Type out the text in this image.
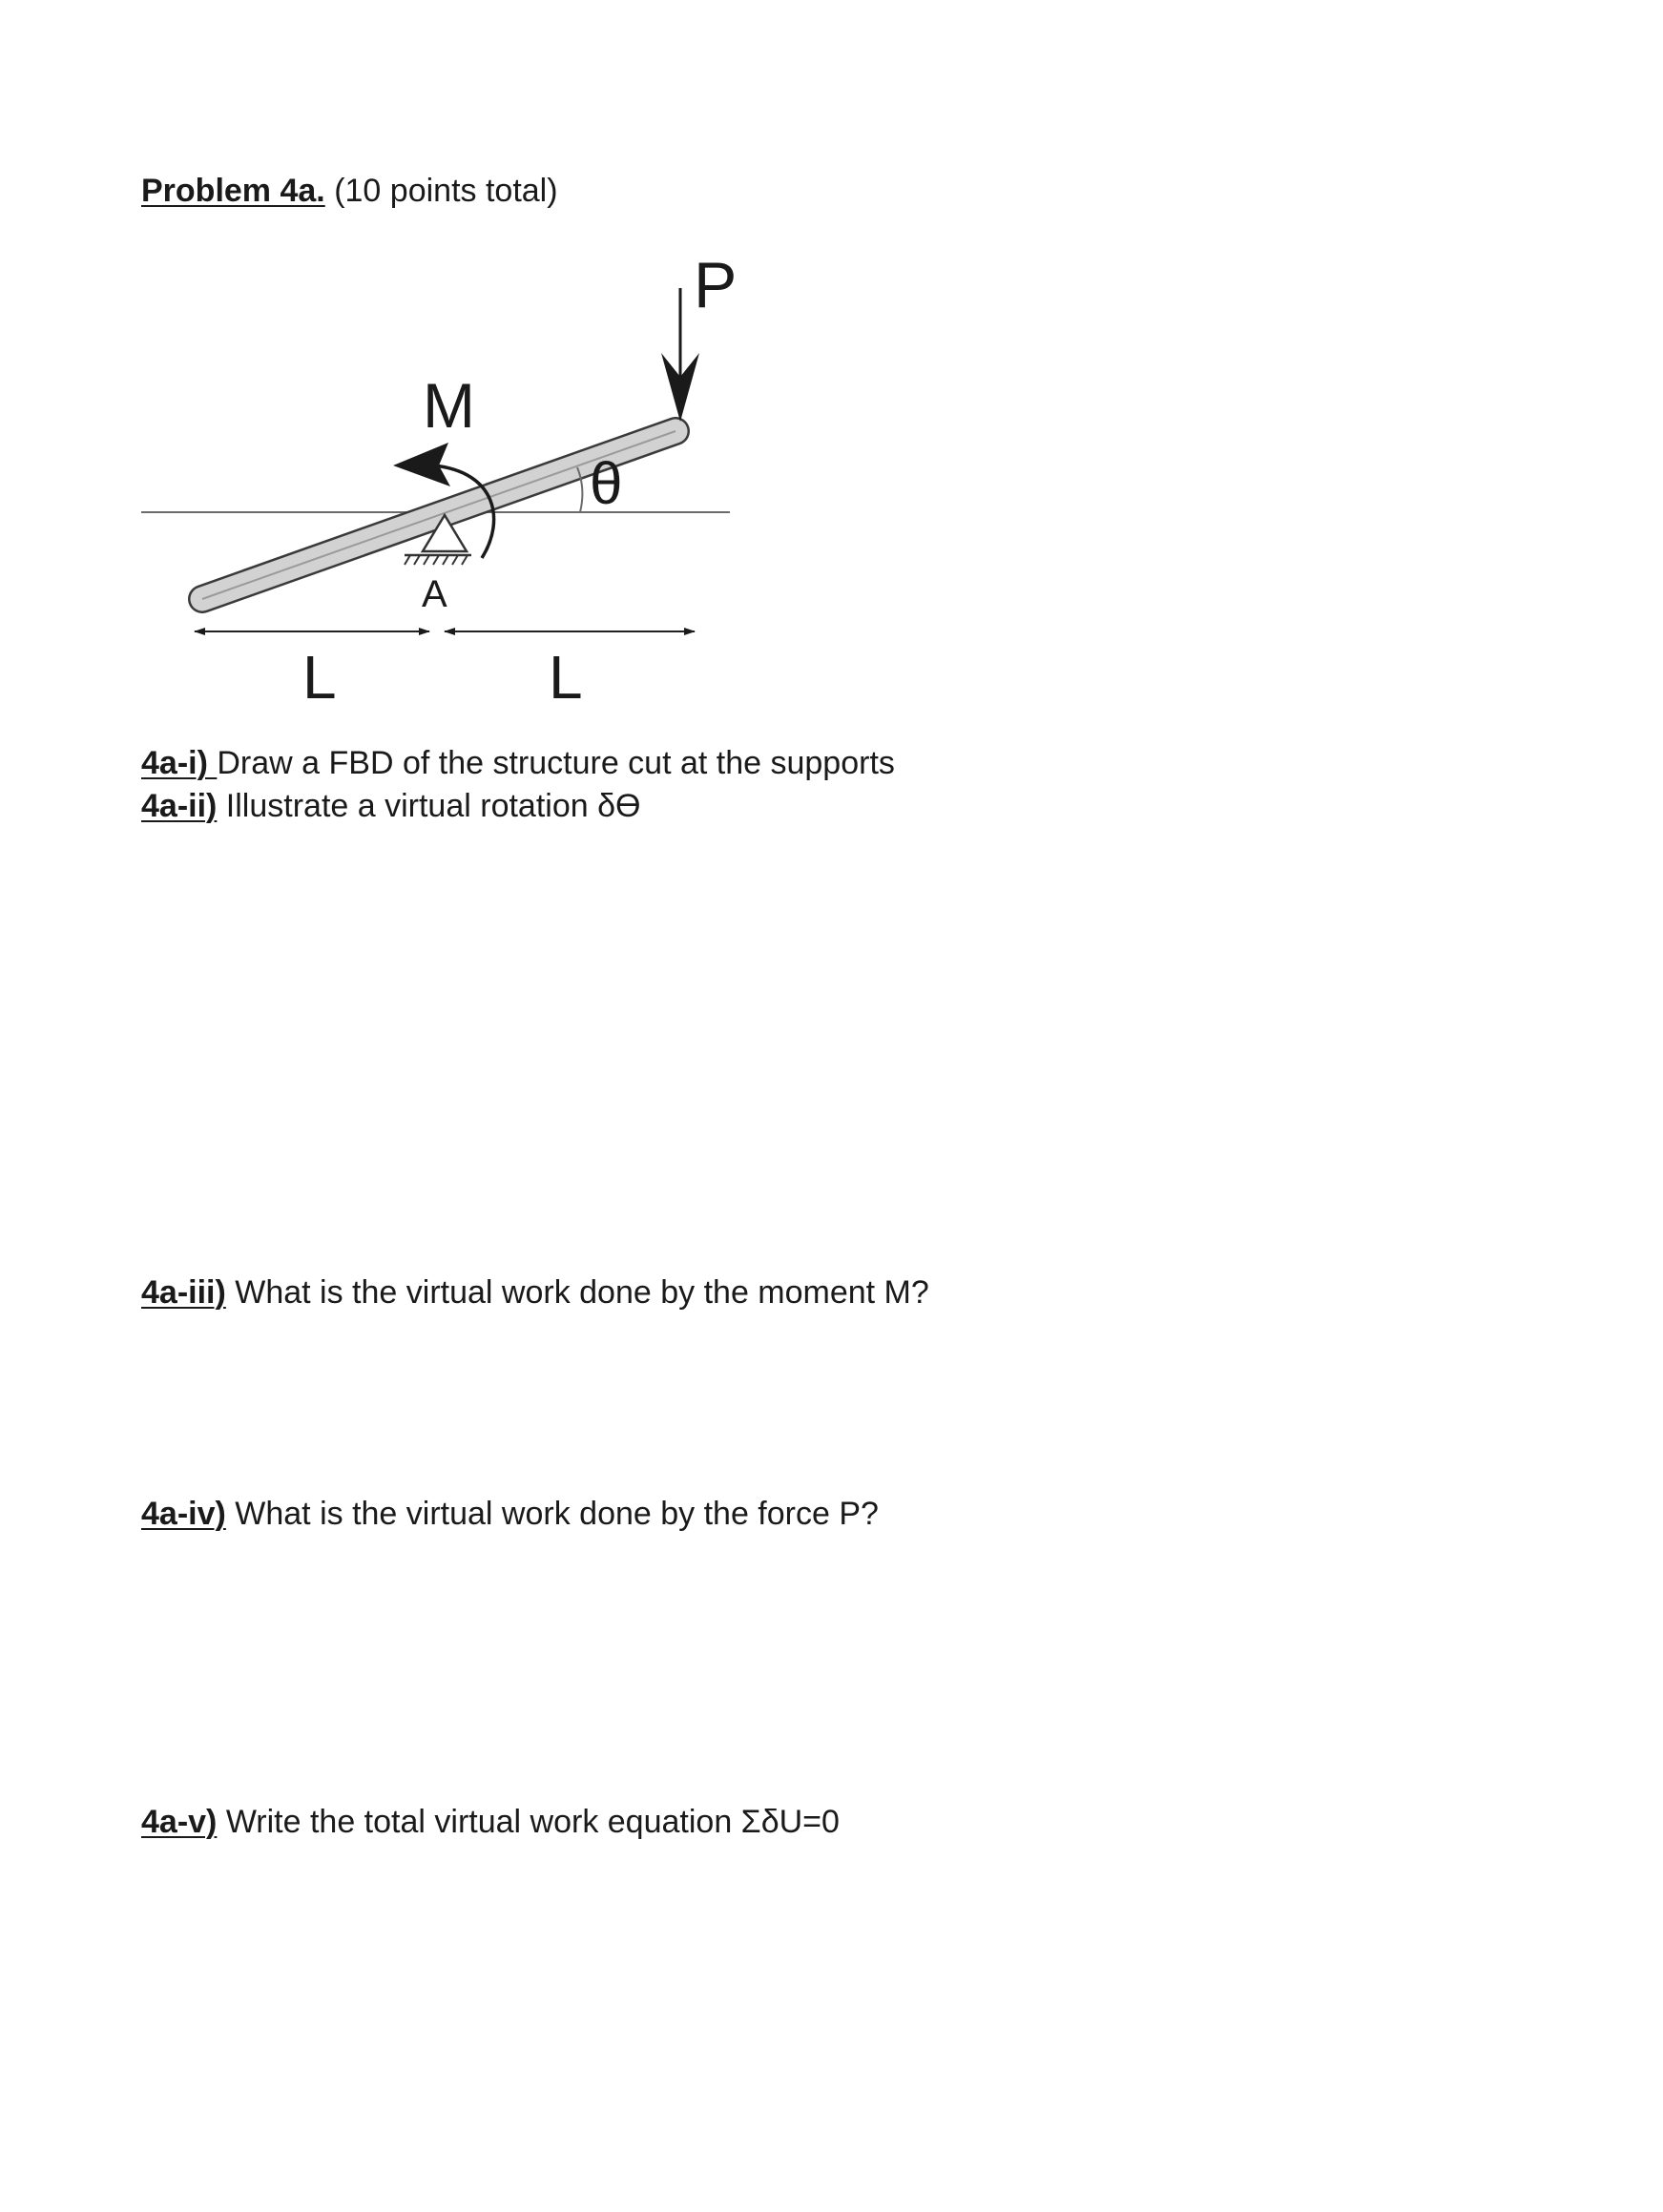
Problem 4a. (10 points total)
P
M
θ
A
L	L
4a-i) Draw a FBD of the structure cut at the supports
4a-ii) Illustrate a virtual rotation δϴ
4a-iii) What is the virtual work done by the moment M?
4a-iv) What is the virtual work done by the force P?
4a-v) Write the total virtual work equation ΣδU=0
